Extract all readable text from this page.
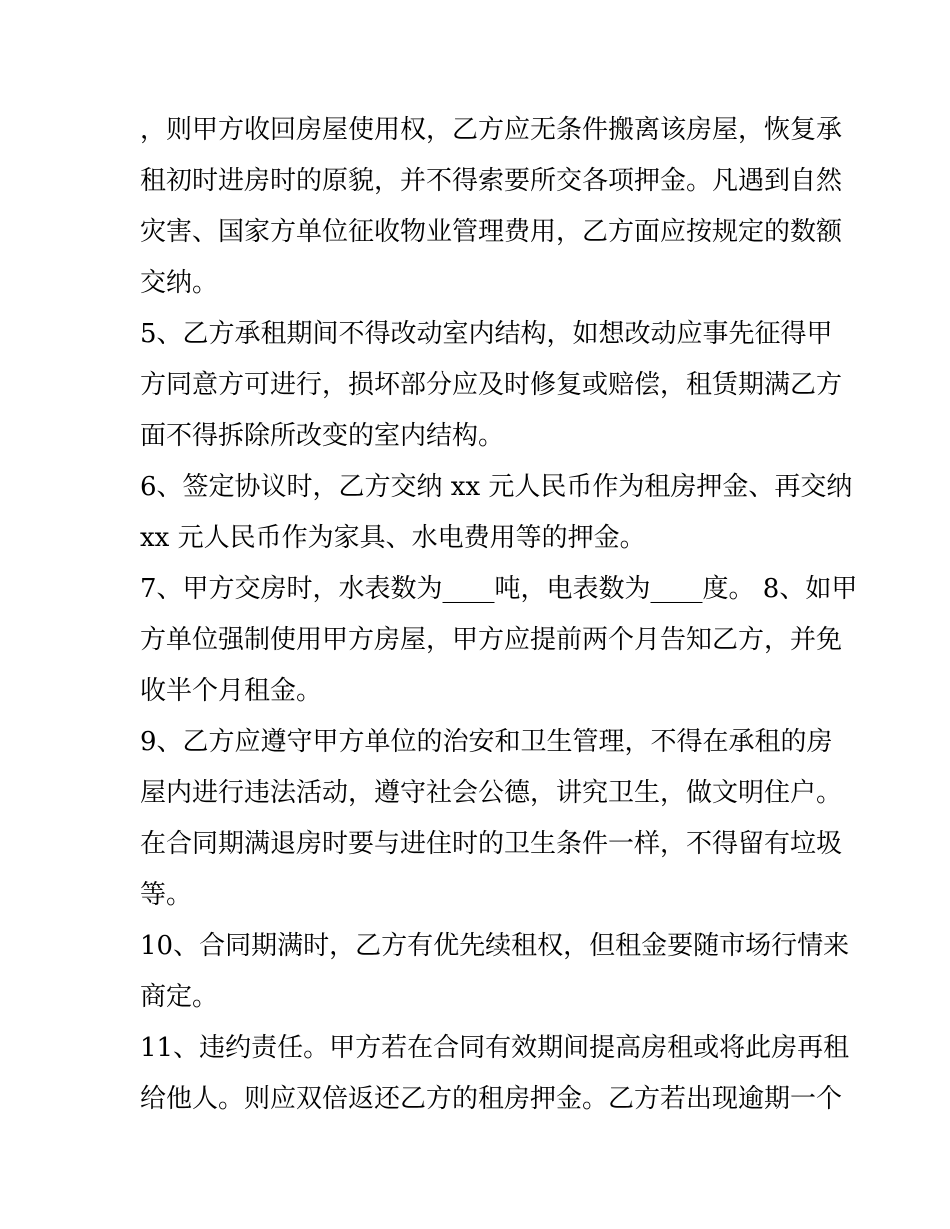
，则甲方收回房屋使用权，乙方应无条件搬离该房屋，恢复承
租初时进房时的原貌，并不得索要所交各项押金。凡遇到自然
灾害、国家方单位征收物业管理费用，乙方面应按规定的数额
交纳。
5、乙方承租期间不得改动室内结构，如想改动应事先征得甲
方同意方可进行，损坏部分应及时修复或赔偿，租赁期满乙方
面不得拆除所改变的室内结构。
6、签定协议时，乙方交纳 xx 元人民币作为租房押金、再交纳
xx 元人民币作为家具、水电费用等的押金。
7、甲方交房时，水表数为____吨，电表数为____度。 8、如甲
方单位强制使用甲方房屋，甲方应提前两个月告知乙方，并免
收半个月租金。
9、乙方应遵守甲方单位的治安和卫生管理，不得在承租的房
屋内进行违法活动，遵守社会公德，讲究卫生，做文明住户。
在合同期满退房时要与进住时的卫生条件一样，不得留有垃圾
等。
10、合同期满时，乙方有优先续租权，但租金要随市场行情来
商定。
11、违约责任。甲方若在合同有效期间提高房租或将此房再租
给他人。则应双倍返还乙方的租房押金。乙方若出现逾期一个
